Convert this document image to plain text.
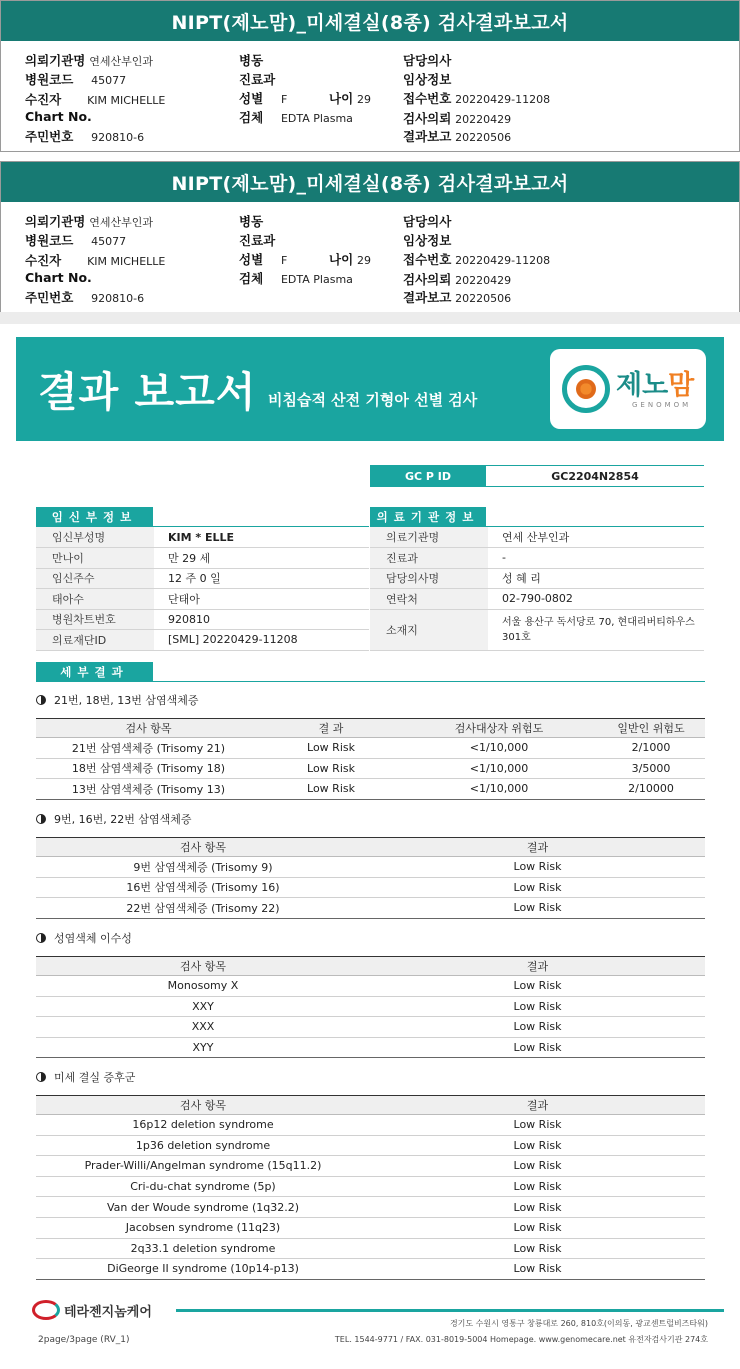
NIPT(제노맘)_미세결실(8종) 검사결과보고서
의뢰기관명 연세산부인과
병원코드 45077
수진자 KIM MICHELLE
Chart No.
주민번호 920810-6
병동
진료과
성별 F	나이 29
검체 EDTA Plasma
담당의사
임상정보
접수번호 20220429-11208
검사의뢰 20220429
결과보고 20220506
NIPT(제노맘)_미세결실(8종) 검사결과보고서
의뢰기관명 연세산부인과
병원코드 45077
수진자 KIM MICHELLE
Chart No.
주민번호 920810-6
병동
진료과
성별 F	나이 29
검체 EDTA Plasma
담당의사
임상정보
접수번호 20220429-11208
검사의뢰 20220429
결과보고 20220506
결과 보고서 비침습적 산전 기형아 선별 검사	제노맘
GENOMOM
GC P ID	GC2204N2854
임신부정보	의료기관정보
임신부성명	KIM * ELLE
만나이	만 29 세
임신주수	12 주 0 일
태아수	단태아
병원차트번호	920810
의료재단ID	[SML] 20220429-11208
의료기관명	연세 산부인과
진료과	-
담당의사명	성 혜 리
연락처	02-790-0802
소재지	서울 용산구 독서당로 70, 현대리버티하우스 301호
세부결과
21번, 18번, 13번 삼염색체증
검사 항목	결 과	검사대상자 위험도	일반인 위험도
21번 삼염색체증 (Trisomy 21)	Low Risk	<1/10,000	2/1000
18번 삼염색체증 (Trisomy 18)	Low Risk	<1/10,000	3/5000
13번 삼염색체증 (Trisomy 13)	Low Risk	<1/10,000	2/10000
9번, 16번, 22번 삼염색체증
검사 항목	결과
9번 삼염색체증 (Trisomy 9)	Low Risk
16번 삼염색체증 (Trisomy 16)	Low Risk
22번 삼염색체증 (Trisomy 22)	Low Risk
성염색체 이수성
검사 항목	결과
Monosomy X	Low Risk
XXY	Low Risk
XXX	Low Risk
XYY	Low Risk
미세 결실 증후군
검사 항목	결과
16p12 deletion syndrome	Low Risk
1p36 deletion syndrome	Low Risk
Prader-Willi/Angelman syndrome (15q11.2)	Low Risk
Cri-du-chat syndrome (5p)	Low Risk
Van der Woude syndrome (1q32.2)	Low Risk
Jacobsen syndrome (11q23)	Low Risk
2q33.1 deletion syndrome	Low Risk
DiGeorge II syndrome (10p14-p13)	Low Risk
테라젠지놈케어
경기도 수원시 영통구 창룡대로 260, 810호(이의동, 광교센트럴비즈타워)
TEL. 1544-9771 / FAX. 031-8019-5004 Homepage. www.genomecare.net 유전자검사기관 274호
2page/3page (RV_1)
